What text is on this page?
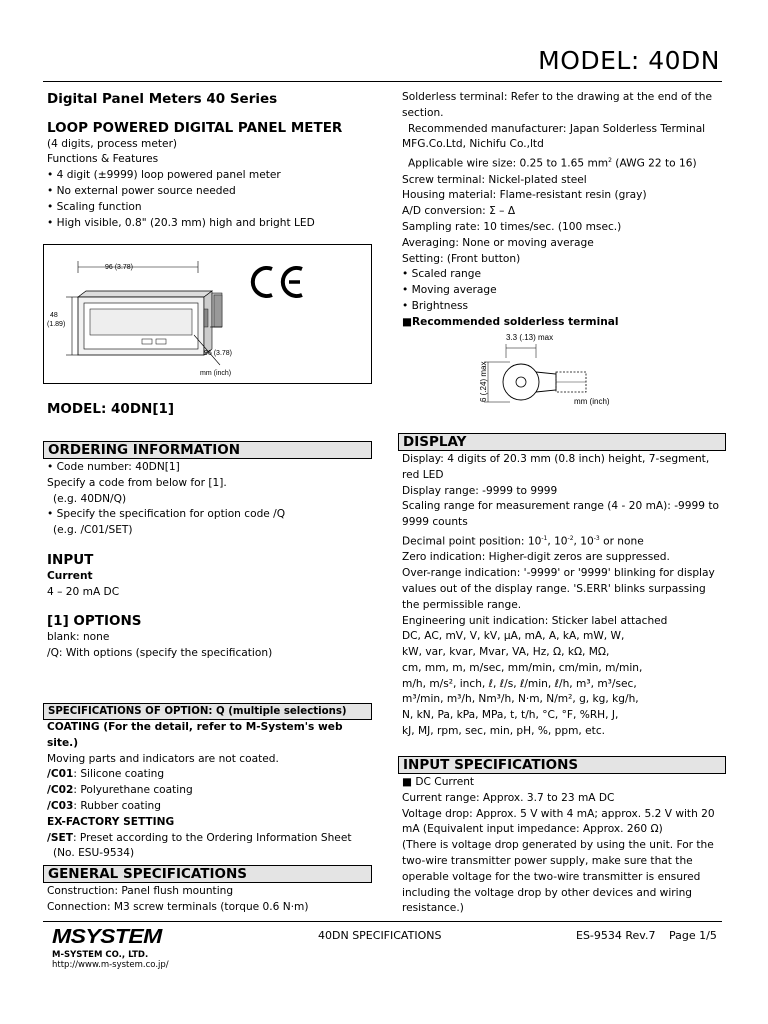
MODEL: 40DN

Digital Panel Meters 40 Series

LOOP POWERED DIGITAL PANEL METER

(4 digits, process meter)

Functions & Features

• 4 digit (±9999) loop powered panel meter

• No external power source needed

• Scaling function

• High visible, 0.8" (20.3 mm) high and bright LED

96 (3.78)
48
(1.89)
96 (3.78)
mm (inch)

MODEL: 40DN[1]

ORDERING INFORMATION

• Code number: 40DN[1]

Specify a code from below for [1].

(e.g. 40DN/Q)

• Specify the specification for option code /Q

(e.g. /C01/SET)

INPUT

Current

4 – 20 mA DC

[1] OPTIONS

blank: none

/Q: With options (specify the specification)

SPECIFICATIONS OF OPTION: Q (multiple selections)

COATING (For the detail, refer to M-System's web site.)

Moving parts and indicators are not coated.

/C01: Silicone coating

/C02: Polyurethane coating

/C03: Rubber coating

EX-FACTORY SETTING

/SET: Preset according to the Ordering Information Sheet

(No. ESU-9534)

GENERAL SPECIFICATIONS

Construction: Panel flush mounting

Connection: M3 screw terminals (torque 0.6 N·m)

Solderless terminal: Refer to the drawing at the end of the

section.

Recommended manufacturer: Japan Solderless Terminal

MFG.Co.Ltd, Nichifu Co.,ltd

Applicable wire size: 0.25 to 1.65 $mm^2$ (AWG 22 to 16)

Screw terminal: Nickel-plated steel

Housing material: Flame-resistant resin (gray)

A/D conversion: Σ – Δ

Sampling rate: 10 times/sec. (100 msec.)

Averaging: None or moving average

Setting: (Front button)

• Scaled range

• Moving average

• Brightness

■Recommended solderless terminal

3.3 (.13) max
6 (.24) max	mm (inch)
DISPLAY

Display: 4 digits of 20.3 mm (0.8 inch) height, 7-segment,

red LED

Display range: -9999 to 9999

Scaling range for measurement range (4 - 20 mA): -9999 to

9999 counts

Decimal point position: $10^{-1}$, $10^{-2}$, $10^{-3}$ or none

Zero indication: Higher-digit zeros are suppressed.

Over-range indication: '-9999' or '9999' blinking for display

values out of the display range. 'S.ERR' blinks surpassing

the permissible range.

Engineering unit indication: Sticker label attached

DC, AC, mV, V, kV, µA, mA, A, kA, mW, W,

kW, var, kvar, Mvar, VA, Hz, Ω, kΩ, MΩ,

cm, mm, m, m/sec, mm/min, cm/min, m/min,

m/h, m/s², inch, ℓ, ℓ/s, ℓ/min, ℓ/h, m³, m³/sec,

m³/min, m³/h, Nm³/h, N·m, N/m², g, kg, kg/h,

N, kN, Pa, kPa, MPa, t, t/h, °C, °F, %RH, J,

kJ, MJ, rpm, sec, min, pH, %, ppm, etc.

INPUT SPECIFICATIONS

■ DC Current

Current range: Approx. 3.7 to 23 mA DC

Voltage drop: Approx. 5 V with 4 mA; approx. 5.2 V with 20

mA (Equivalent input impedance: Approx. 260 Ω)

(There is voltage drop generated by using the unit. For the

two-wire transmitter power supply, make sure that the

operable voltage for the two-wire transmitter is ensured

including the voltage drop by other devices and wiring

resistance.)

MSYSTEM
M-SYSTEM CO., LTD.
http://www.m-system.co.jp/
40DN SPECIFICATIONS	ES-9534 Rev.7 Page 1/5
